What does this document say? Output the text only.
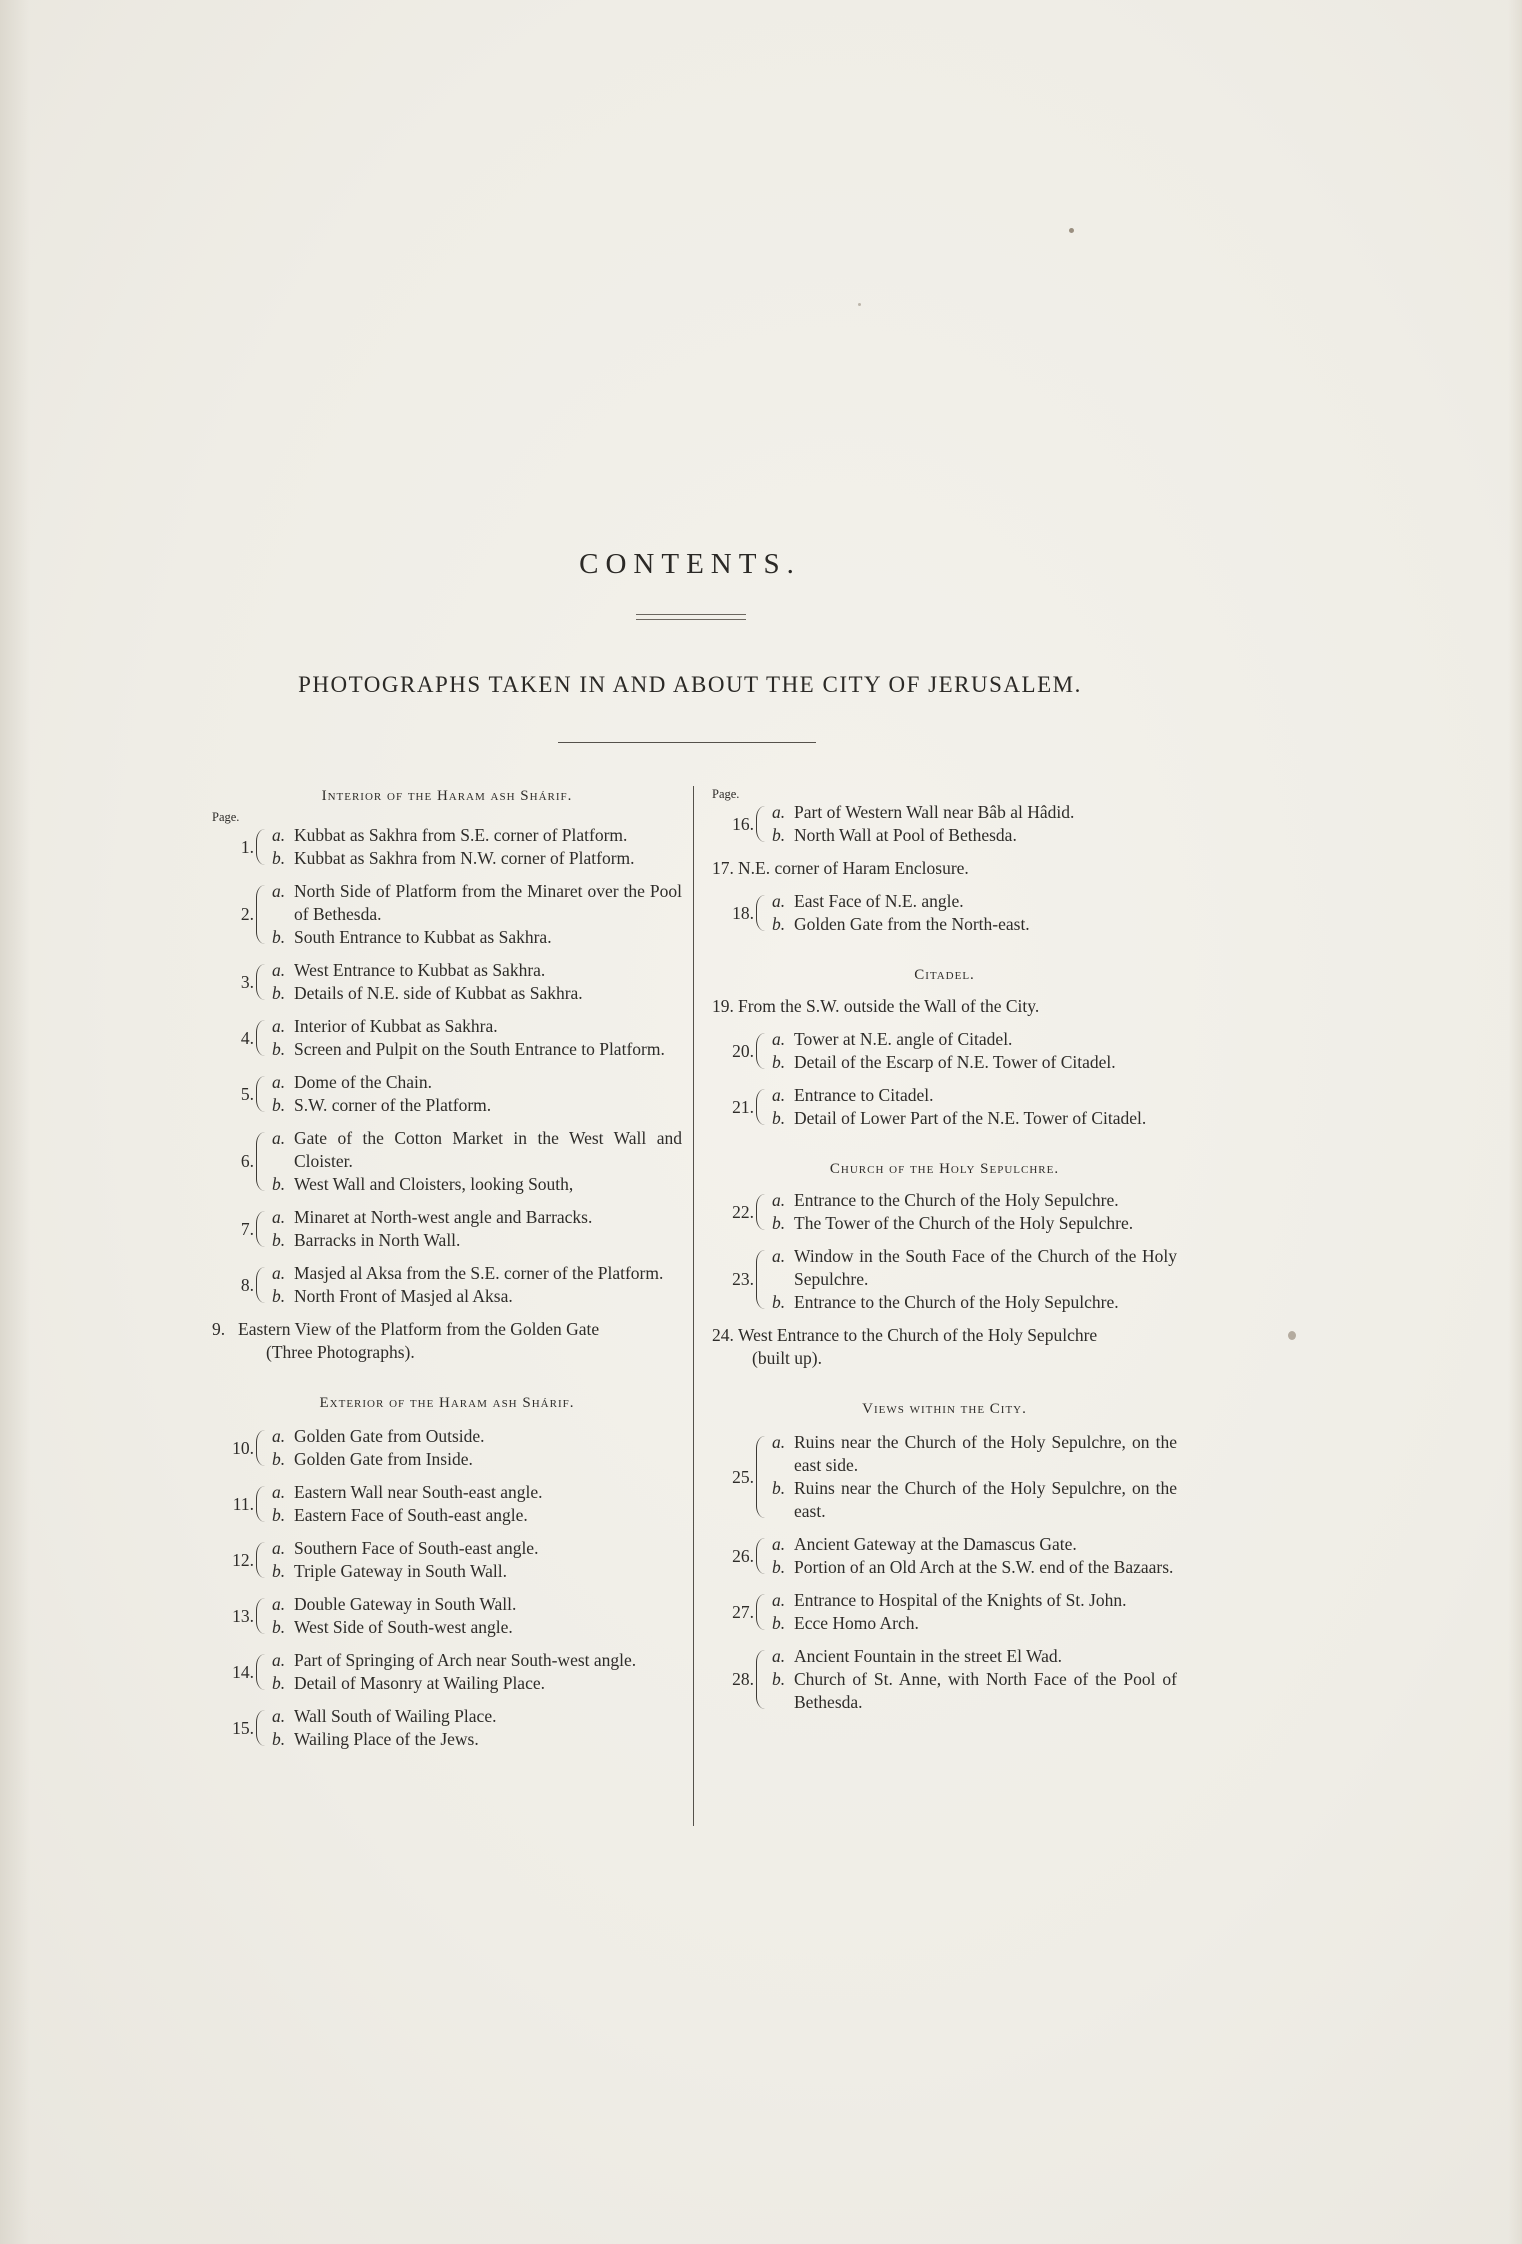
CONTENTS.
PHOTOGRAPHS TAKEN IN AND ABOUT THE CITY OF JERUSALEM.

Interior of the Haram ash Shárif.

Page.
1.
a. Kubbat as Sakhra from S.E. corner of Platform.
b. Kubbat as Sakhra from N.W. corner of Platform.
2.
a. North Side of Platform from the Minaret over the Pool of Bethesda.
b. South Entrance to Kubbat as Sakhra.
3.
a. West Entrance to Kubbat as Sakhra.
b. Details of N.E. side of Kubbat as Sakhra.
4.
a. Interior of Kubbat as Sakhra.
b. Screen and Pulpit on the South Entrance to Platform.
5.
a. Dome of the Chain.
b. S.W. corner of the Platform.
6.
a. Gate of the Cotton Market in the West Wall and Cloister.
b. West Wall and Cloisters, looking South,
7.
a. Minaret at North-west angle and Barracks.
b. Barracks in North Wall.
8.
a. Masjed al Aksa from the S.E. corner of the Platform.
b. North Front of Masjed al Aksa.
9. Eastern View of the Platform from the Golden Gate
(Three Photographs).

Exterior of the Haram ash Shárif.

10.
a. Golden Gate from Outside.
b. Golden Gate from Inside.
11.
a. Eastern Wall near South-east angle.
b. Eastern Face of South-east angle.
12.
a. Southern Face of South-east angle.
b. Triple Gateway in South Wall.
13.
a. Double Gateway in South Wall.
b. West Side of South-west angle.
14.
a. Part of Springing of Arch near South-west angle.
b. Detail of Masonry at Wailing Place.
15.
a. Wall South of Wailing Place.
b. Wailing Place of the Jews.
Page.
16.
a. Part of Western Wall near Bâb al Hâdid.
b. North Wall at Pool of Bethesda.
17. N.E. corner of Haram Enclosure.
18.
a. East Face of N.E. angle.
b. Golden Gate from the North-east.

Citadel.

19. From the S.W. outside the Wall of the City.
20.
a. Tower at N.E. angle of Citadel.
b. Detail of the Escarp of N.E. Tower of Citadel.
21.
a. Entrance to Citadel.
b. Detail of Lower Part of the N.E. Tower of Citadel.

Church of the Holy Sepulchre.

22.
a. Entrance to the Church of the Holy Sepulchre.
b. The Tower of the Church of the Holy Sepulchre.
23.
a. Window in the South Face of the Church of the Holy Sepulchre.
b. Entrance to the Church of the Holy Sepulchre.
24. West Entrance to the Church of the Holy Sepulchre
(built up).

Views within the City.

25.
a. Ruins near the Church of the Holy Sepulchre, on the east side.
b. Ruins near the Church of the Holy Sepulchre, on the east.
26.
a. Ancient Gateway at the Damascus Gate.
b. Portion of an Old Arch at the S.W. end of the Bazaars.
27.
a. Entrance to Hospital of the Knights of St. John.
b. Ecce Homo Arch.
28.
a. Ancient Fountain in the street El Wad.
b. Church of St. Anne, with North Face of the Pool of Bethesda.
